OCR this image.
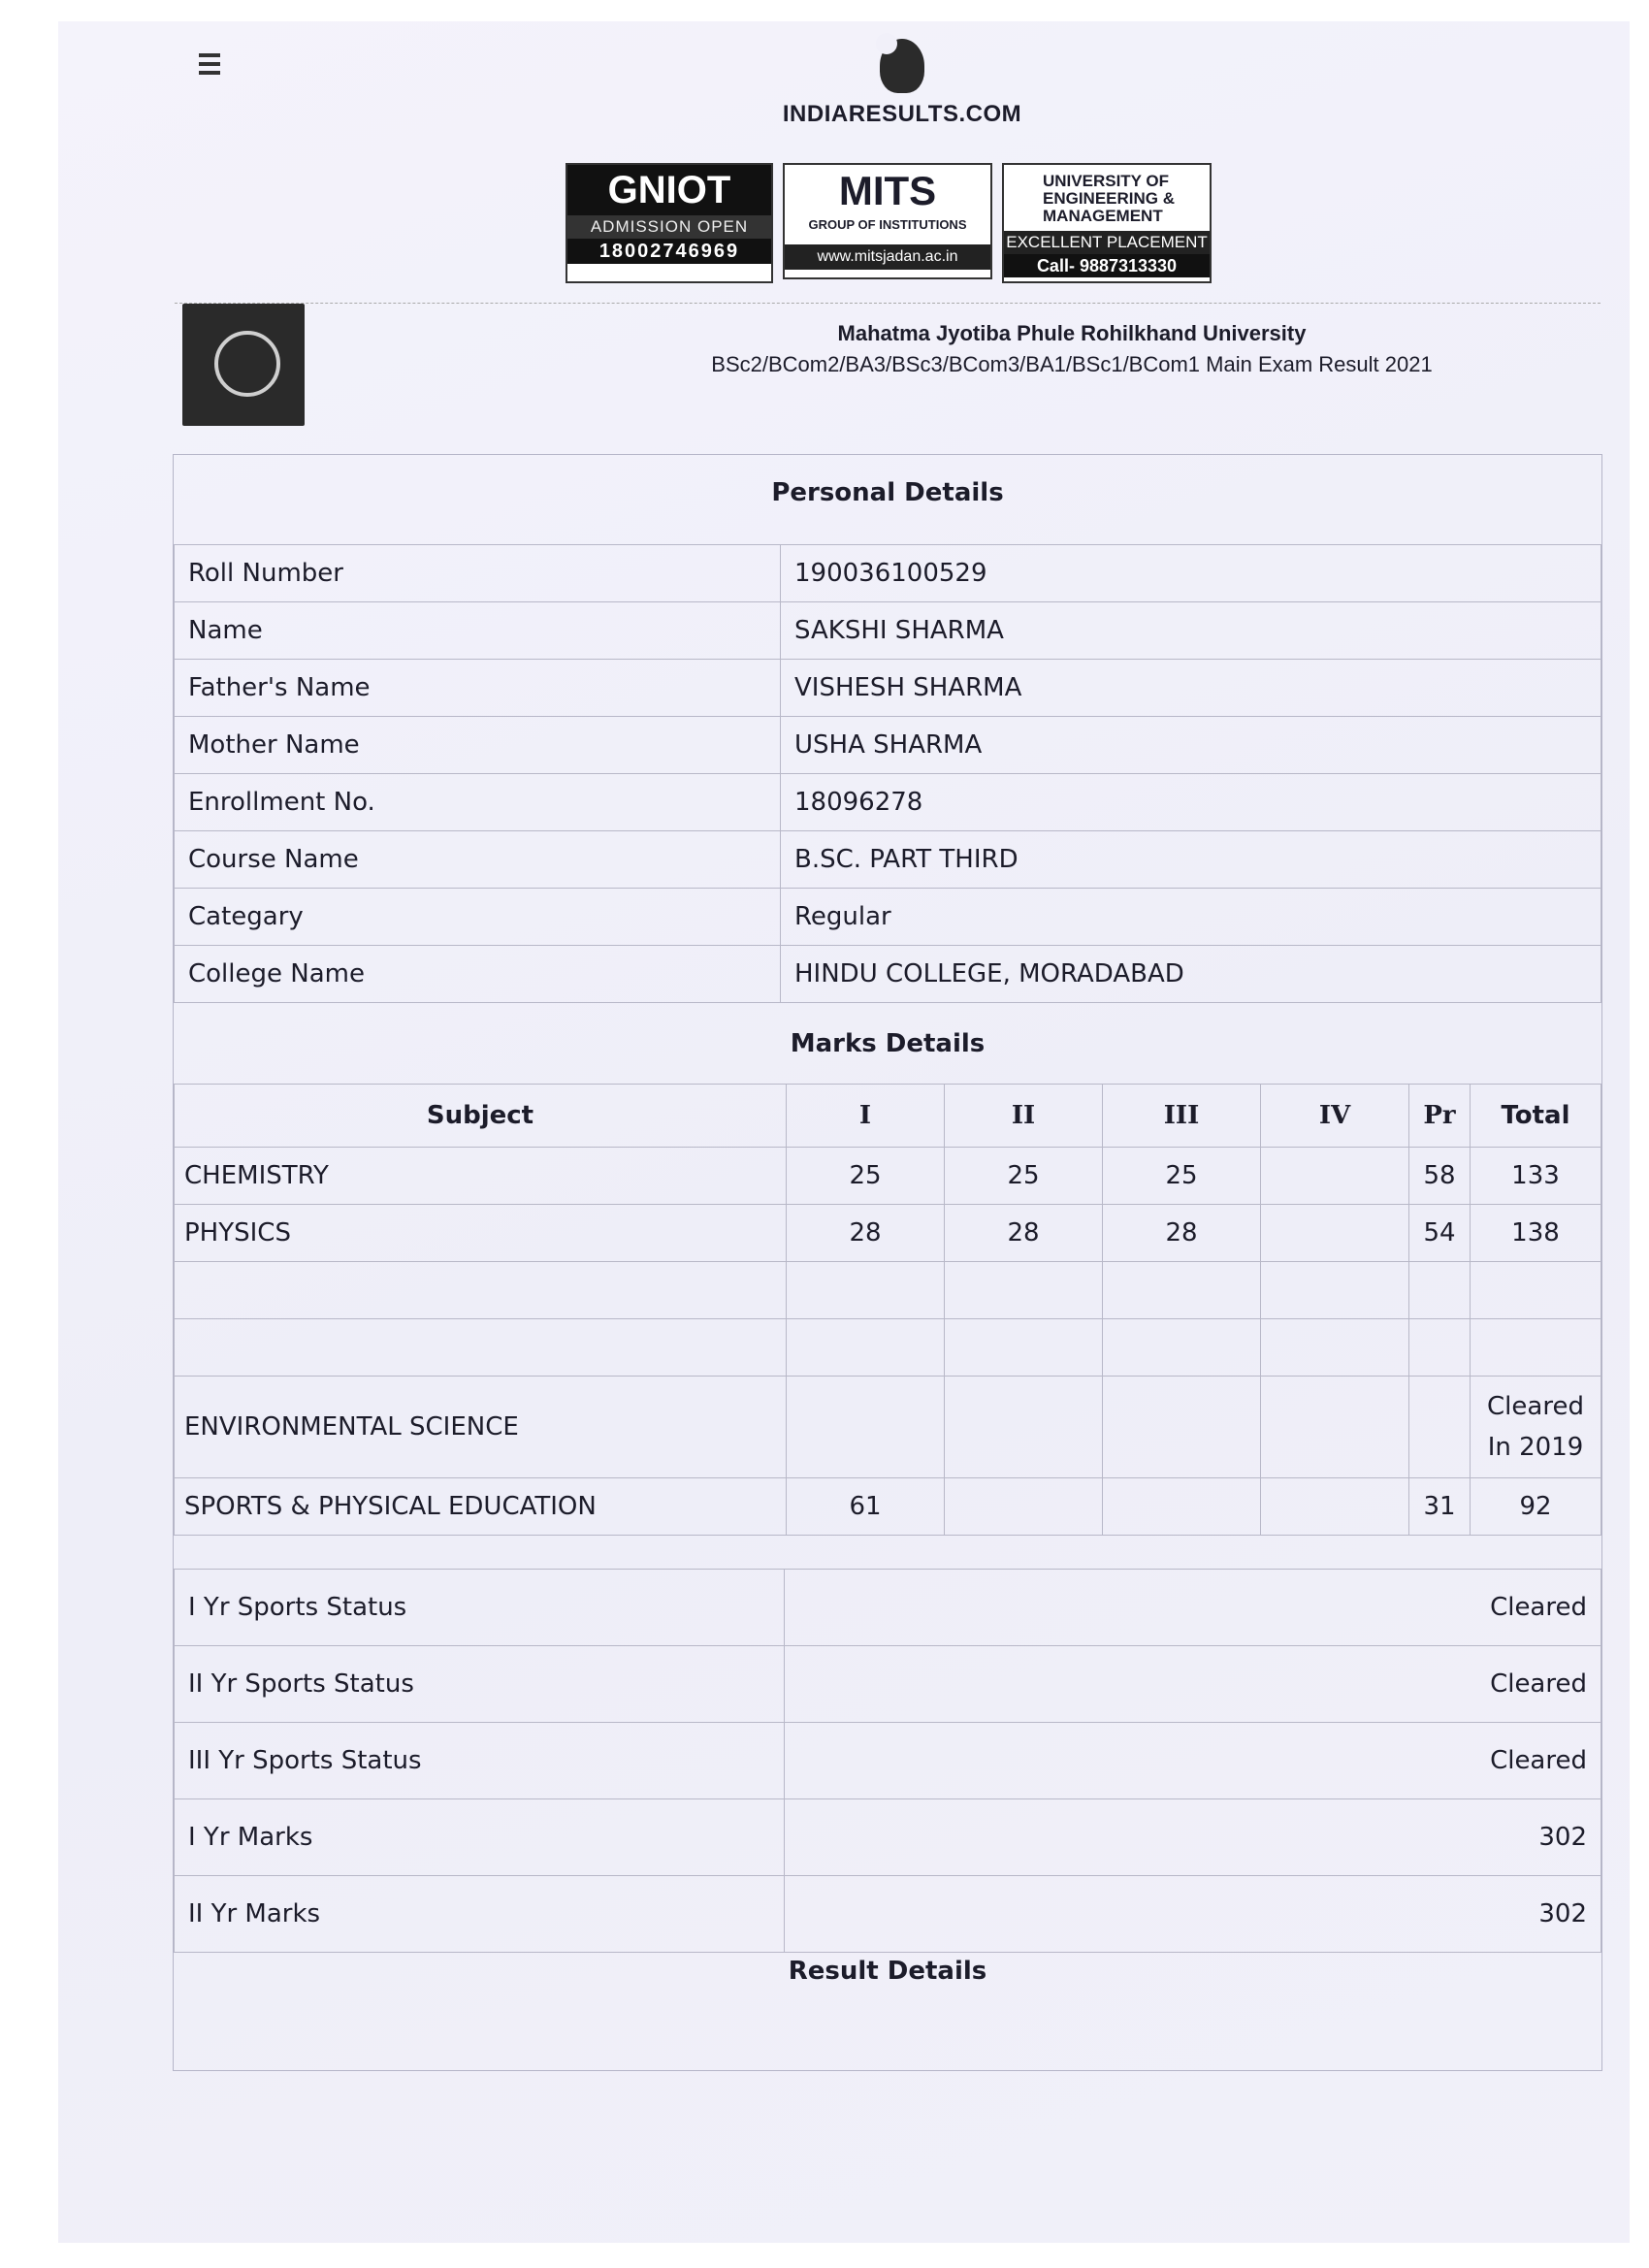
INDIARESULTS.COM
GNIOT
ADMISSION OPEN
18002746969
MITS
GROUP OF INSTITUTIONS
www.mitsjadan.ac.in
UNIVERSITY OF ENGINEERING & MANAGEMENT
EXCELLENT PLACEMENT
Call- 9887313330
Mahatma Jyotiba Phule Rohilkhand University
BSc2/BCom2/BA3/BSc3/BCom3/BA1/BSc1/BCom1 Main Exam Result 2021
Personal Details
Roll Number	190036100529
Name	SAKSHI SHARMA
Father's Name	VISHESH SHARMA
Mother Name	USHA SHARMA
Enrollment No.	18096278
Course Name	B.SC. PART THIRD
Categary	Regular
College Name	HINDU COLLEGE, MORADABAD
Marks Details
Subject	I	II	III	IV	Pr	Total
CHEMISTRY	25	25	25		58	133
PHYSICS	28	28	28		54	138

ENVIRONMENTAL SCIENCE						Cleared In 2019
SPORTS & PHYSICAL EDUCATION	61				31	92
I Yr Sports Status	Cleared
II Yr Sports Status	Cleared
III Yr Sports Status	Cleared
I Yr Marks	302
II Yr Marks	302
Result Details
